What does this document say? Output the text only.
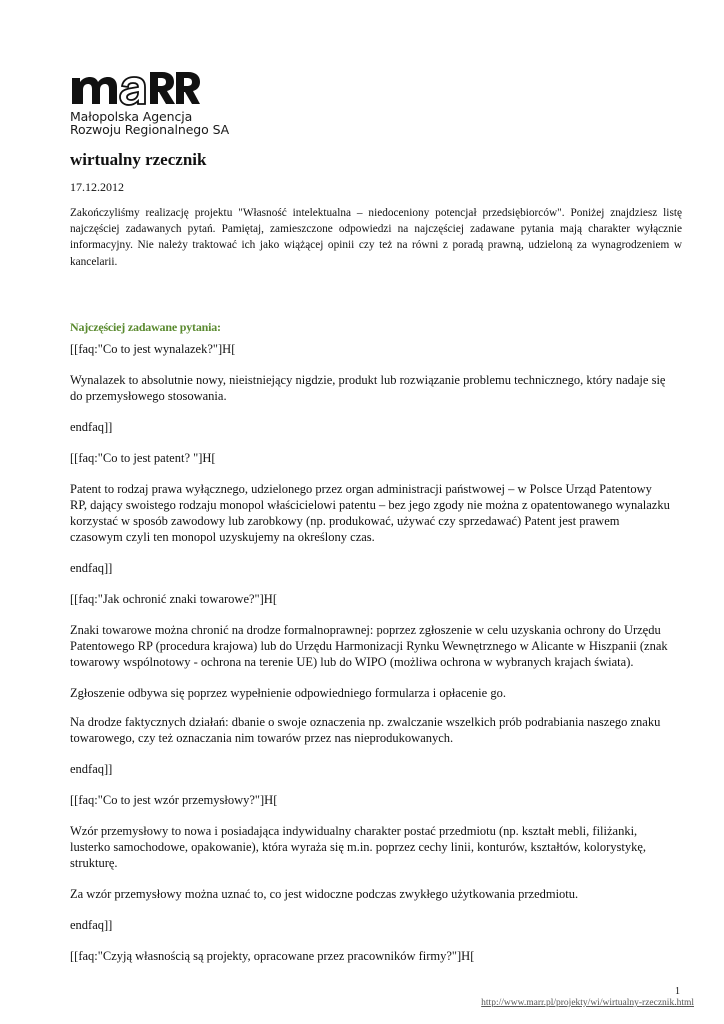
Małopolska Agencja
Rozwoju Regionalnego SA
wirtualny rzecznik
17.12.2012

Zakończyliśmy realizację projektu "Własność intelektualna – niedoceniony potencjał przedsiębiorców". Poniżej znajdziesz listę najczęściej zadawanych pytań. Pamiętaj, zamieszczone odpowiedzi na najczęściej zadawane pytania mają charakter wyłącznie informacyjny. Nie należy traktować ich jako wiążącej opinii czy też na równi z poradą prawną, udzieloną za wynagrodzeniem w kancelarii.

Najczęściej zadawane pytania:

[[faq:"Co to jest wynalazek?"]H[

Wynalazek to absolutnie nowy, nieistniejący nigdzie, produkt lub rozwiązanie problemu technicznego, który nadaje się do przemysłowego stosowania.

endfaq]]

[[faq:"Co to jest patent? "]H[

Patent to rodzaj prawa wyłącznego, udzielonego przez organ administracji państwowej – w Polsce Urząd Patentowy RP, dający swoistego rodzaju monopol właścicielowi patentu – bez jego zgody nie można z opatentowanego wynalazku korzystać w sposób zawodowy lub zarobkowy (np. produkować, używać czy sprzedawać) Patent jest prawem czasowym czyli ten monopol uzyskujemy na określony czas.

endfaq]]

[[faq:"Jak ochronić znaki towarowe?"]H[

Znaki towarowe można chronić na drodze formalnoprawnej: poprzez zgłoszenie w celu uzyskania ochrony do Urzędu Patentowego RP (procedura krajowa) lub do Urzędu Harmonizacji Rynku Wewnętrznego w Alicante w Hiszpanii (znak towarowy wspólnotowy - ochrona na terenie UE) lub do WIPO (możliwa ochrona w wybranych krajach świata).

Zgłoszenie odbywa się poprzez wypełnienie odpowiedniego formularza i opłacenie go.

Na drodze faktycznych działań: dbanie o swoje oznaczenia np. zwalczanie wszelkich prób podrabiania naszego znaku towarowego, czy też oznaczania nim towarów przez nas nieprodukowanych.

endfaq]]

[[faq:"Co to jest wzór przemysłowy?"]H[

Wzór przemysłowy to nowa i posiadająca indywidualny charakter postać przedmiotu (np. kształt mebli, filiżanki, lusterko samochodowe, opakowanie), która wyraża się m.in. poprzez cechy linii, konturów, kształtów, kolorystykę, strukturę.

Za wzór przemysłowy można uznać to, co jest widoczne podczas zwykłego użytkowania przedmiotu.

endfaq]]

[[faq:"Czyją własnością są projekty, opracowane przez pracowników firmy?"]H[

1
http://www.marr.pl/projekty/wi/wirtualny-rzecznik.html
